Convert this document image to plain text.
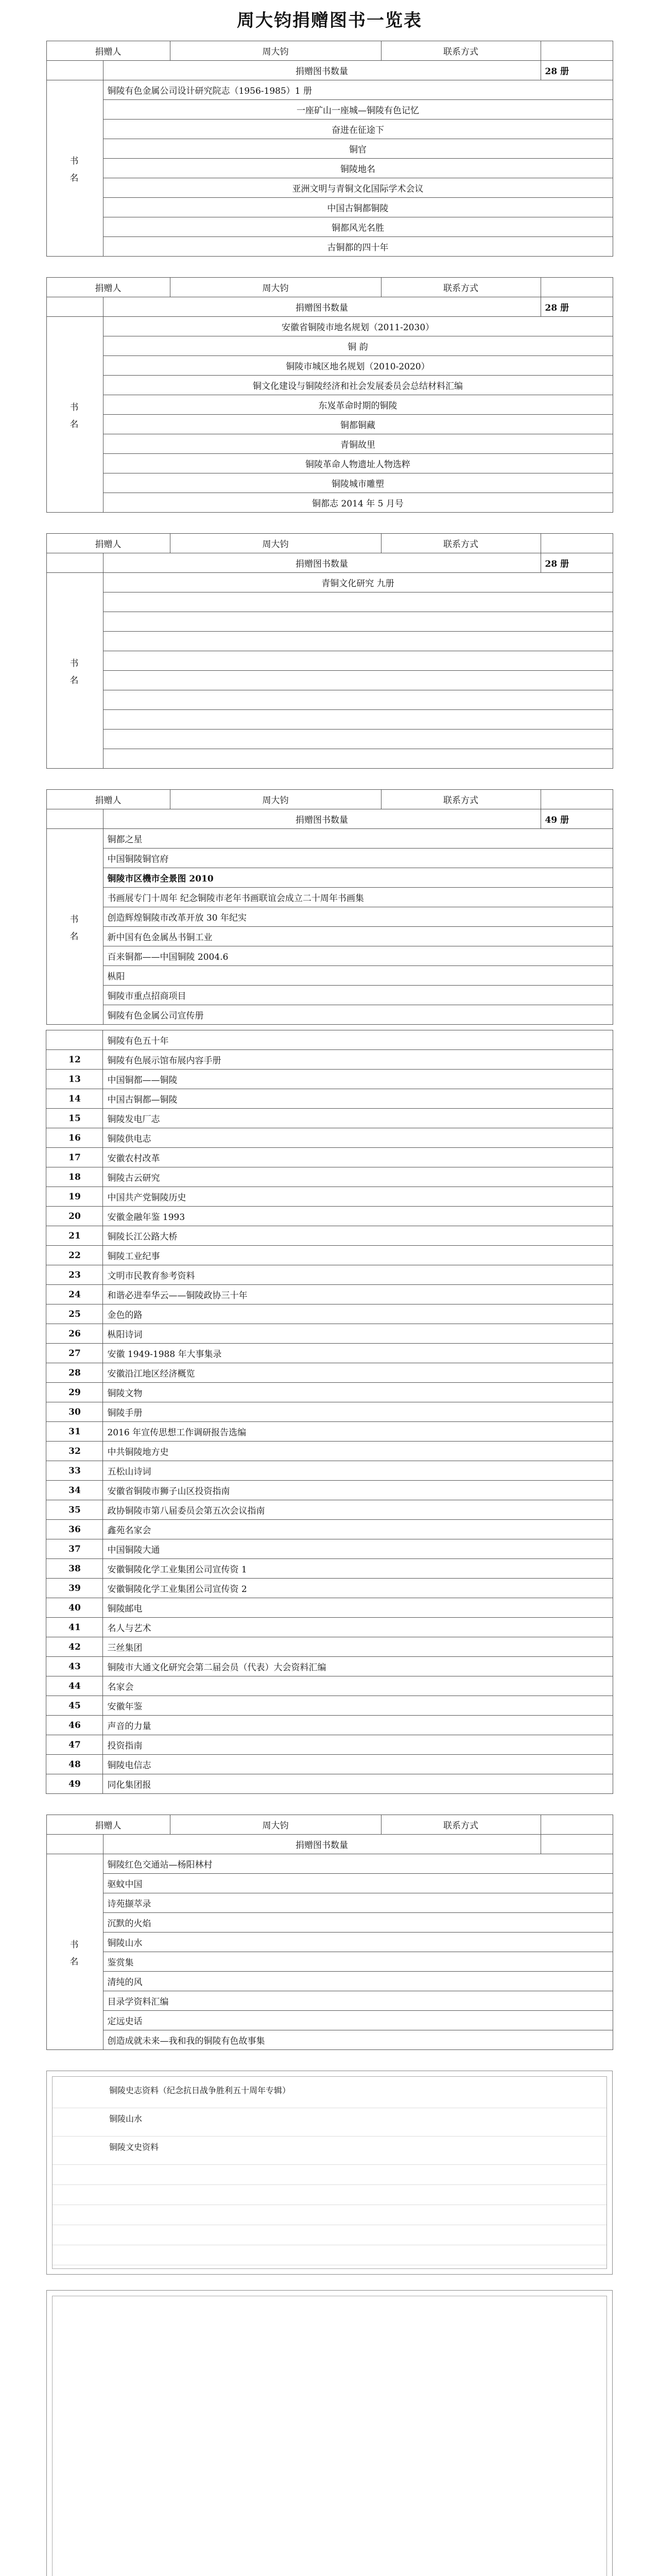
周大钧捐赠图书一览表
捐赠人		周大钧	联系方式	
	捐赠图书数量			28 册

书
名	铜陵有色金属公司设计研究院志（1956-1985）1 册			
	一座矿山一座城—铜陵有色记忆			
	奋进在征途下			
	铜官			
	铜陵地名			
	亚洲文明与青铜文化国际学术会议			
	中国古铜都铜陵			
	铜都风光名胜			
	古铜都的四十年			
捐赠人		周大钧	联系方式	
	捐赠图书数量			28 册

书
名	安徽省铜陵市地名规划（2011-2030）			
	铜 韵			
	铜陵市城区地名规划（2010-2020）			
	铜文化建设与铜陵经济和社会发展委员会总结材料汇编			
	东岌革命时期的铜陵			
	铜都铜藏			
	青铜故里			
	铜陵革命人物遗址人物选粹			
	铜陵城市雕塑			
	铜都志 2014 年 5 月号			
捐赠人		周大钧	联系方式	
	捐赠图书数量			28 册

书
名	青铜文化研究 九册			

捐赠人		周大钧	联系方式	
	捐赠图书数量			49 册

书
名	铜都之星			
	中国铜陵铜官府			
	铜陵市区機市全景图 2010			
	书画展专门十周年 纪念铜陵市老年书画联谊会成立二十周年书画集			
	创造辉煌铜陵市改革开放 30 年纪实			
	新中国有色金属丛书铜工业			
	百来铜都——中国铜陵 2004.6			
	枞阳			
	铜陵市重点招商项目			
	铜陵有色金属公司宣传册			
	铜陵有色五十年
12	铜陵有色展示馆布展内容手册
13	中国铜都——铜陵
14	中国古铜都—铜陵
15	铜陵发电厂志
16	铜陵供电志
17	安徽农村改革
18	铜陵古云研究
19	中国共产党铜陵历史
20	安徽金融年鉴 1993
21	铜陵长江公路大桥
22	铜陵工业纪事
23	文明市民教育参考资料
24	和谐必进奉华云——铜陵政协三十年
25	金色的路
26	枞阳诗词
27	安徽 1949-1988 年大事集录
28	安徽沿江地区经济概览
29	铜陵文物
30	铜陵手册
31	2016 年宣传思想工作调研报告选编
32	中共铜陵地方史
33	五松山诗词
34	安徽省铜陵市狮子山区投资指南
35	政协铜陵市第八届委员会第五次会议指南
36	鑫苑名家会
37	中国铜陵大通
38	安徽铜陵化学工业集团公司宣传资 1
39	安徽铜陵化学工业集团公司宣传资 2
40	铜陵邮电
41	名人与艺术
42	三丝集团
43	铜陵市大通文化研究会第二届会员（代表）大会资料汇编
44	名家会
45	安徽年鉴
46	声音的力量
47	投资指南
48	铜陵电信志
49	同化集团报
捐赠人		周大钧	联系方式	
	捐赠图书数量			

书
名	铜陵红色交通站—杨阳林村			
	驱蚊中国			
	诗苑撷萃录			
	沉默的火焰			
	铜陵山水			
	鉴赏集			
	清纯的风			
	目录学资料汇编			
	定远史话			
	创造成就未来—我和我的铜陵有色故事集			
铜陵史志资料（纪念抗日战争胜利五十周年专辑）
铜陵山水
铜陵文史资料
